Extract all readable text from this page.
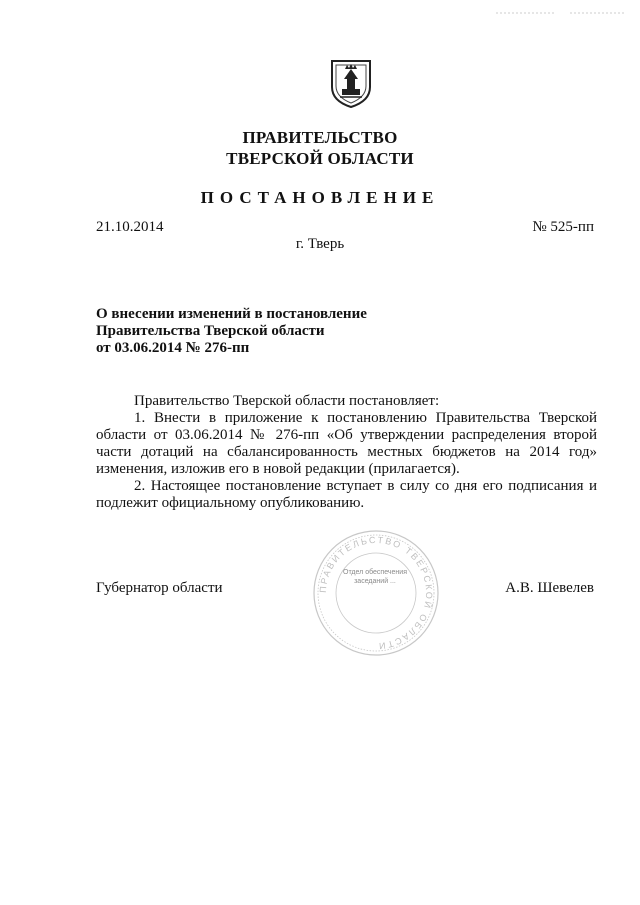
ПРАВИТЕЛЬСТВО
ТВЕРСКОЙ ОБЛАСТИ
ПОСТАНОВЛЕНИЕ
21.10.2014	№ 525-пп
г. Тверь
О внесении изменений в постановление
Правительства Тверской области
от 03.06.2014 № 276-пп

Правительство Тверской области постановляет:

1. Внести в приложение к постановлению Правительства Тверской области от 03.06.2014 № 276-пп «Об утверждении распределения второй части дотаций на сбалансированность местных бюджетов на 2014 год» изменения, изложив его в новой редакции (прилагается).

2. Настоящее постановление вступает в силу со дня его подписания и подлежит официальному опубликованию.

ПРАВИТЕЛЬСТВО ТВЕРСКОЙ ОБЛАСТИ
Отдел обеспечения заседаний ...
Губернатор области	А.В. Шевелев
